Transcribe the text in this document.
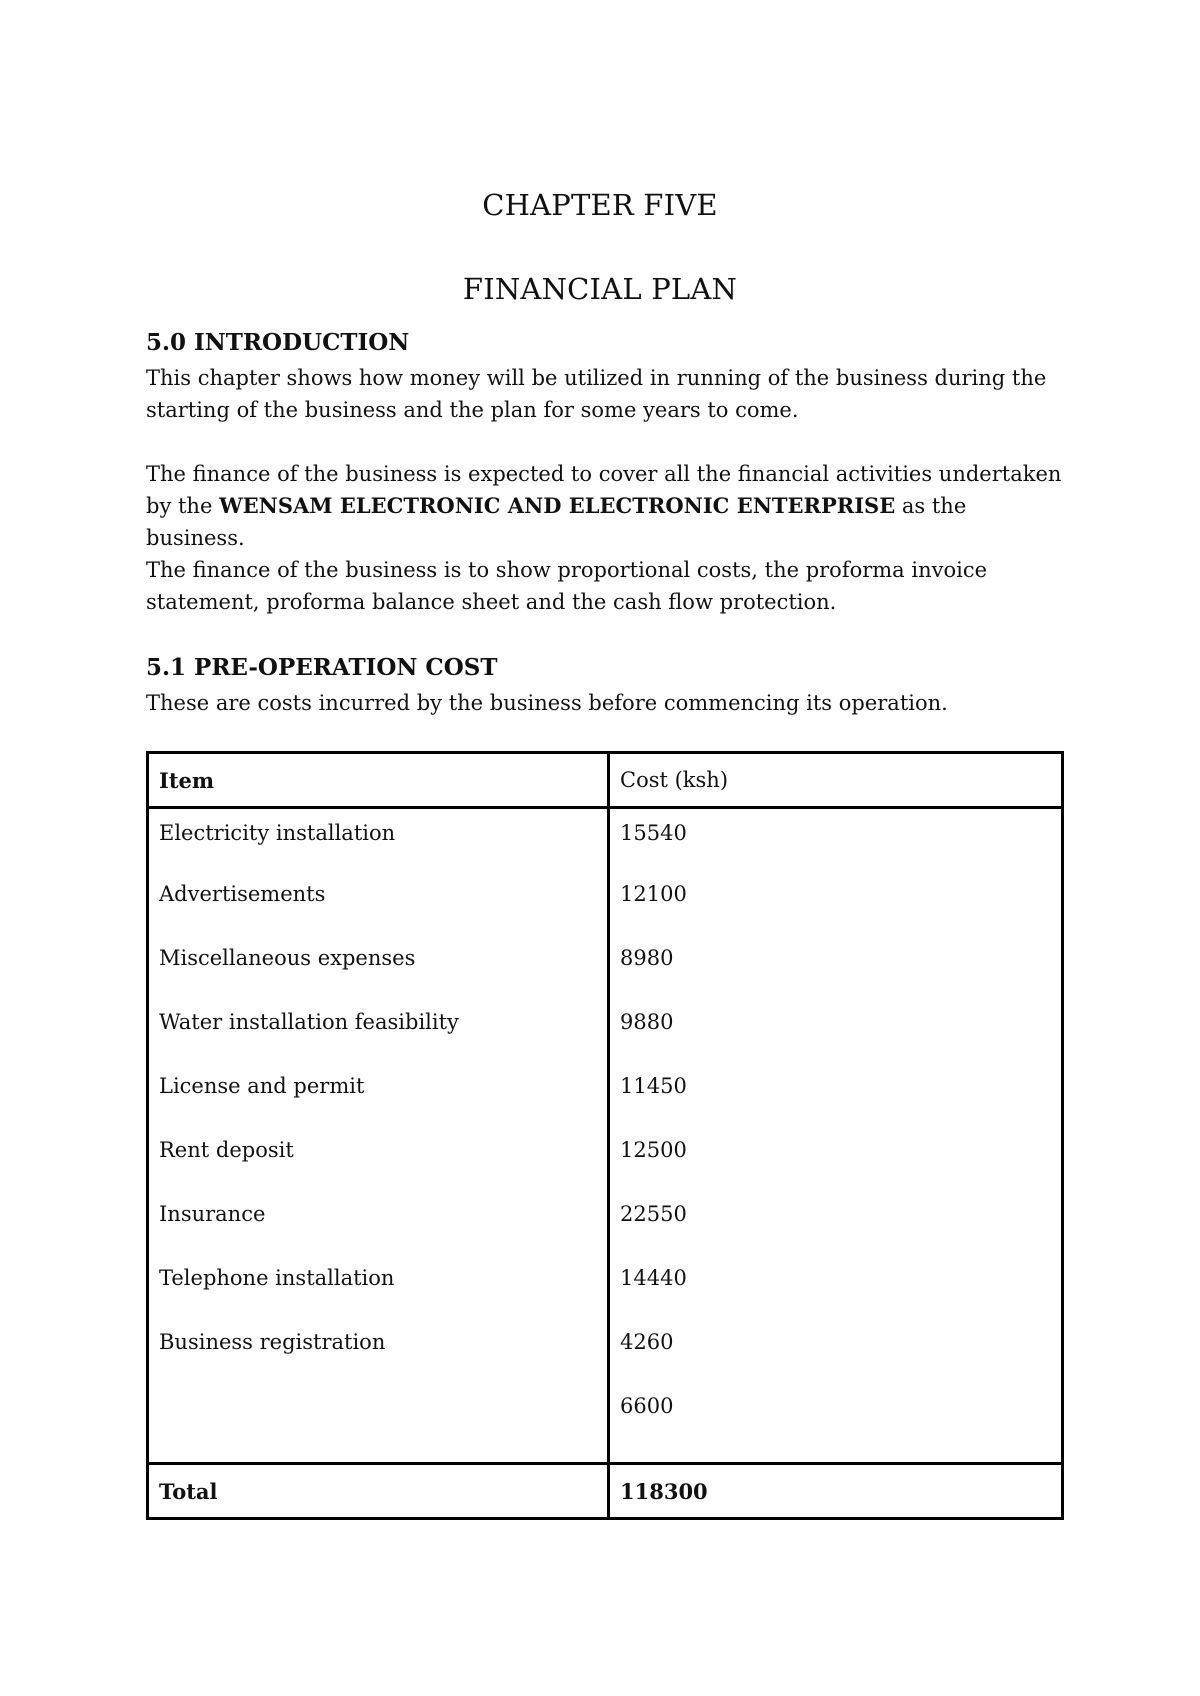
CHAPTER FIVE
FINANCIAL PLAN
5.0 INTRODUCTION
This chapter shows how money will be utilized in running of the business during the starting of the business and the plan for some years to come.
The finance of the business is expected to cover all the financial activities undertaken by the WENSAM ELECTRONIC AND ELECTRONIC ENTERPRISE as the business.
The finance of the business is to show proportional costs, the proforma invoice statement, proforma balance sheet and the cash flow protection.
5.1 PRE-OPERATION COST
These are costs incurred by the business before commencing its operation.
Item	Cost (ksh)
Electricity installation	15540
Advertisements	12100
Miscellaneous expenses	8980
Water installation feasibility	9880
License and permit	11450
Rent deposit	12500
Insurance	22550
Telephone installation	14440
Business registration	4260
	6600
Total	118300
